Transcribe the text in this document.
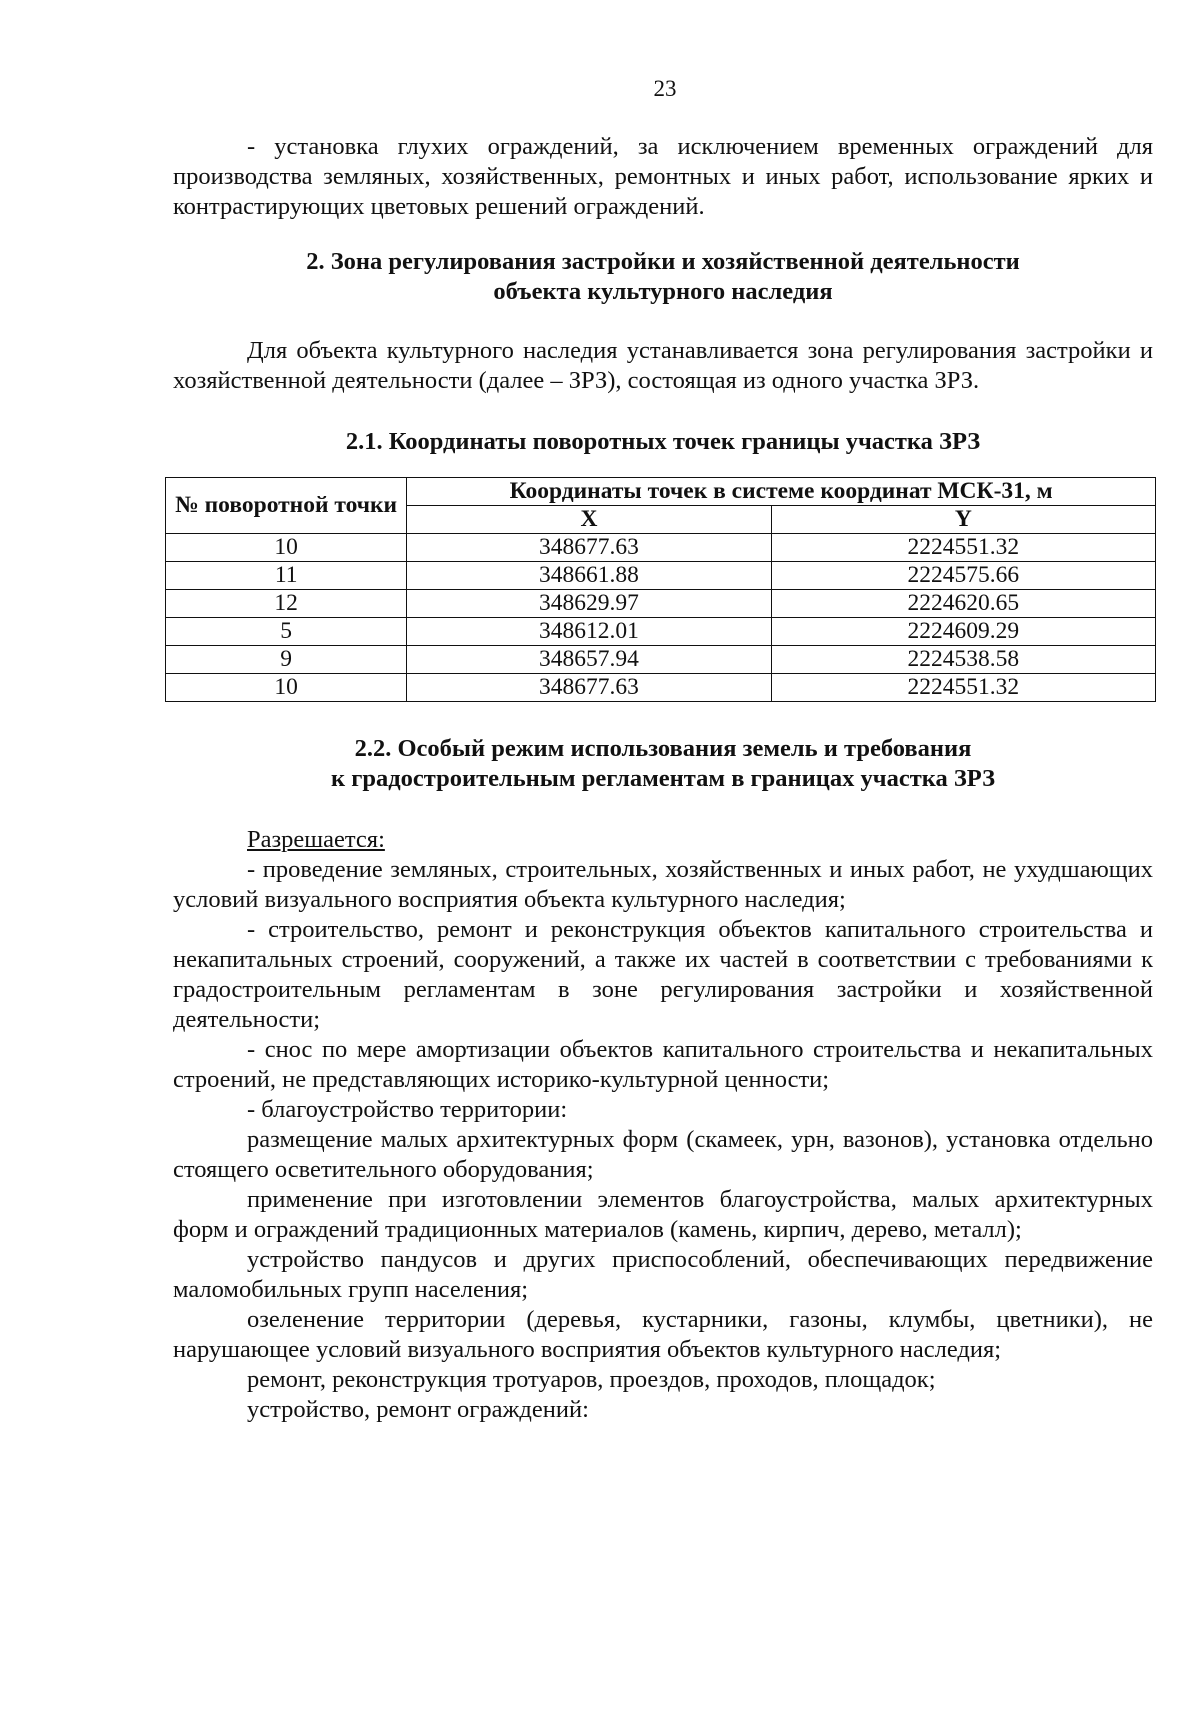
23

- установка глухих ограждений, за исключением временных ограждений для производства земляных, хозяйственных, ремонтных и иных работ, использование ярких и контрастирующих цветовых решений ограждений.

2. Зона регулирования застройки и хозяйственной деятельности
объекта культурного наследия

Для объекта культурного наследия устанавливается зона регулирования застройки и хозяйственной деятельности (далее – ЗРЗ), состоящая из одного участка ЗРЗ.

2.1. Координаты поворотных точек границы участка ЗРЗ
№ поворотной точки	Координаты точек в системе координат МСК-31, м	
	X	Y
10	348677.63	2224551.32
11	348661.88	2224575.66
12	348629.97	2224620.65
5	348612.01	2224609.29
9	348657.94	2224538.58
10	348677.63	2224551.32
2.2. Особый режим использования земель и требования
к градостроительным регламентам в границах участка ЗРЗ

Разрешается:

- проведение земляных, строительных, хозяйственных и иных работ, не ухудшающих условий визуального восприятия объекта культурного наследия;

- строительство, ремонт и реконструкция объектов капитального строительства и некапитальных строений, сооружений, а также их частей в соответствии с требованиями к градостроительным регламентам в зоне регулирования застройки и хозяйственной деятельности;

- снос по мере амортизации объектов капитального строительства и некапитальных строений, не представляющих историко-культурной ценности;

- благоустройство территории:

размещение малых архитектурных форм (скамеек, урн, вазонов), установка отдельно стоящего осветительного оборудования;

применение при изготовлении элементов благоустройства, малых архитектурных форм и ограждений традиционных материалов (камень, кирпич, дерево, металл);

устройство пандусов и других приспособлений, обеспечивающих передвижение маломобильных групп населения;

озеленение территории (деревья, кустарники, газоны, клумбы, цветники), не нарушающее условий визуального восприятия объектов культурного наследия;

ремонт, реконструкция тротуаров, проездов, проходов, площадок;

устройство, ремонт ограждений:
